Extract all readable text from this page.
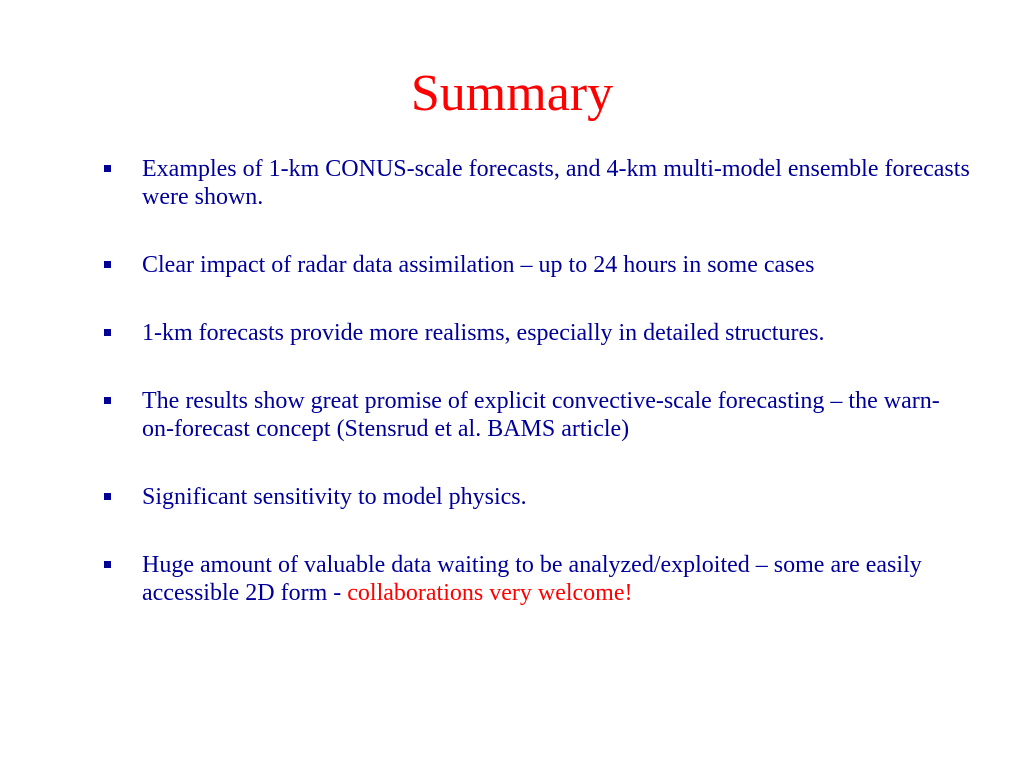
Summary
Examples of 1-km CONUS-scale forecasts, and 4-km multi-model ensemble forecasts were shown.
Clear impact of radar data assimilation – up to 24 hours in some cases
1-km forecasts provide more realisms, especially in detailed structures.
The results show great promise of explicit convective-scale forecasting – the warn-on-forecast concept (Stensrud et al. BAMS article)
Significant sensitivity to model physics.
Huge amount of valuable data waiting to be analyzed/exploited – some are easily accessible 2D form - collaborations very welcome!
